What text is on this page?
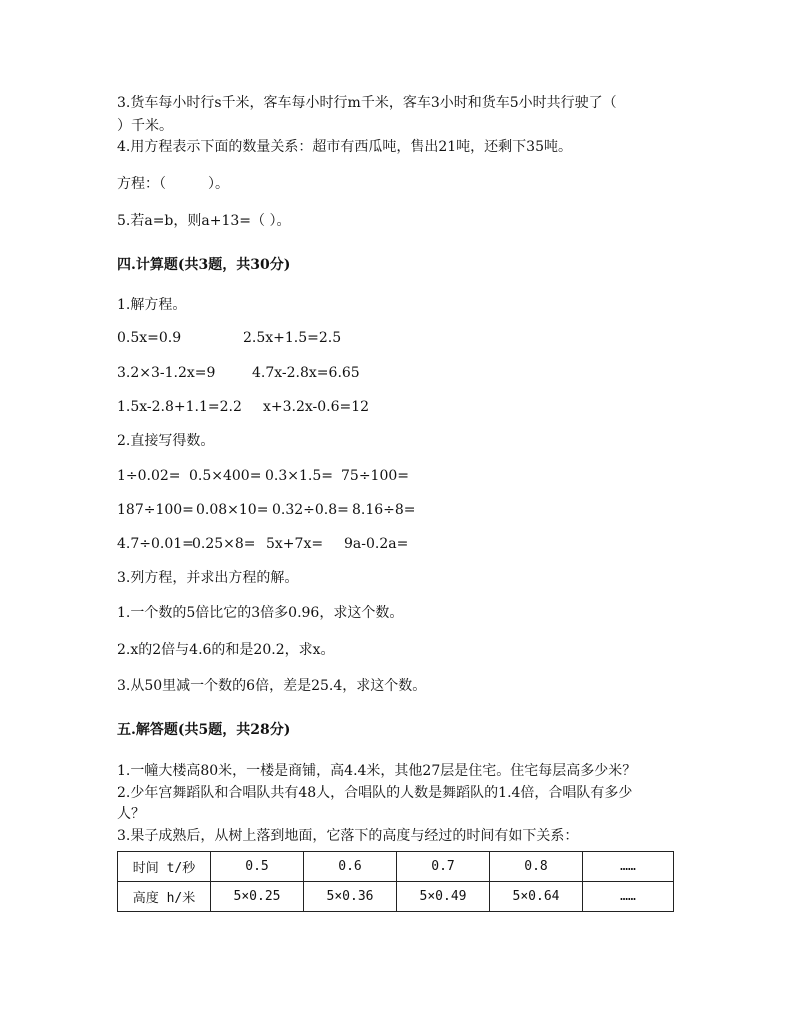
3.货车每小时行s千米，客车每小时行m千米，客车3小时和货车5小时共行驶了（
）千米。
4.用方程表示下面的数量关系：超市有西瓜吨，售出21吨，还剩下35吨。
方程：（　　　）。
5.若a=b，则a+13=（ ）。
四.计算题(共3题，共30分)
1.解方程。
0.5x=0.9	2.5x+1.5=2.5
3.2×3-1.2x=9	4.7x-2.8x=6.65
1.5x-2.8+1.1=2.2 x+3.2x-0.6=12
2.直接写得数。
1÷0.02= 0.5×400= 0.3×1.5= 75÷100=
187÷100= 0.08×10= 0.32÷0.8= 8.16÷8=
4.7÷0.01=
0.25×8= 5x+7x= 9a-0.2a=
3.列方程，并求出方程的解。
1.一个数的5倍比它的3倍多0.96，求这个数。
2.x的2倍与4.6的和是20.2，求x。
3.从50里减一个数的6倍，差是25.4，求这个数。
五.解答题(共5题，共28分)
1.一幢大楼高80米，一楼是商铺，高4.4米，其他27层是住宅。住宅每层高多少米？
2.少年宫舞蹈队和合唱队共有48人，合唱队的人数是舞蹈队的1.4倍，合唱队有多少
人？
3.果子成熟后，从树上落到地面，它落下的高度与经过的时间有如下关系：
时间 t/秒	0.5	0.6	0.7	0.8	……
高度 h/米	5×0.25	5×0.36	5×0.49	5×0.64	……
